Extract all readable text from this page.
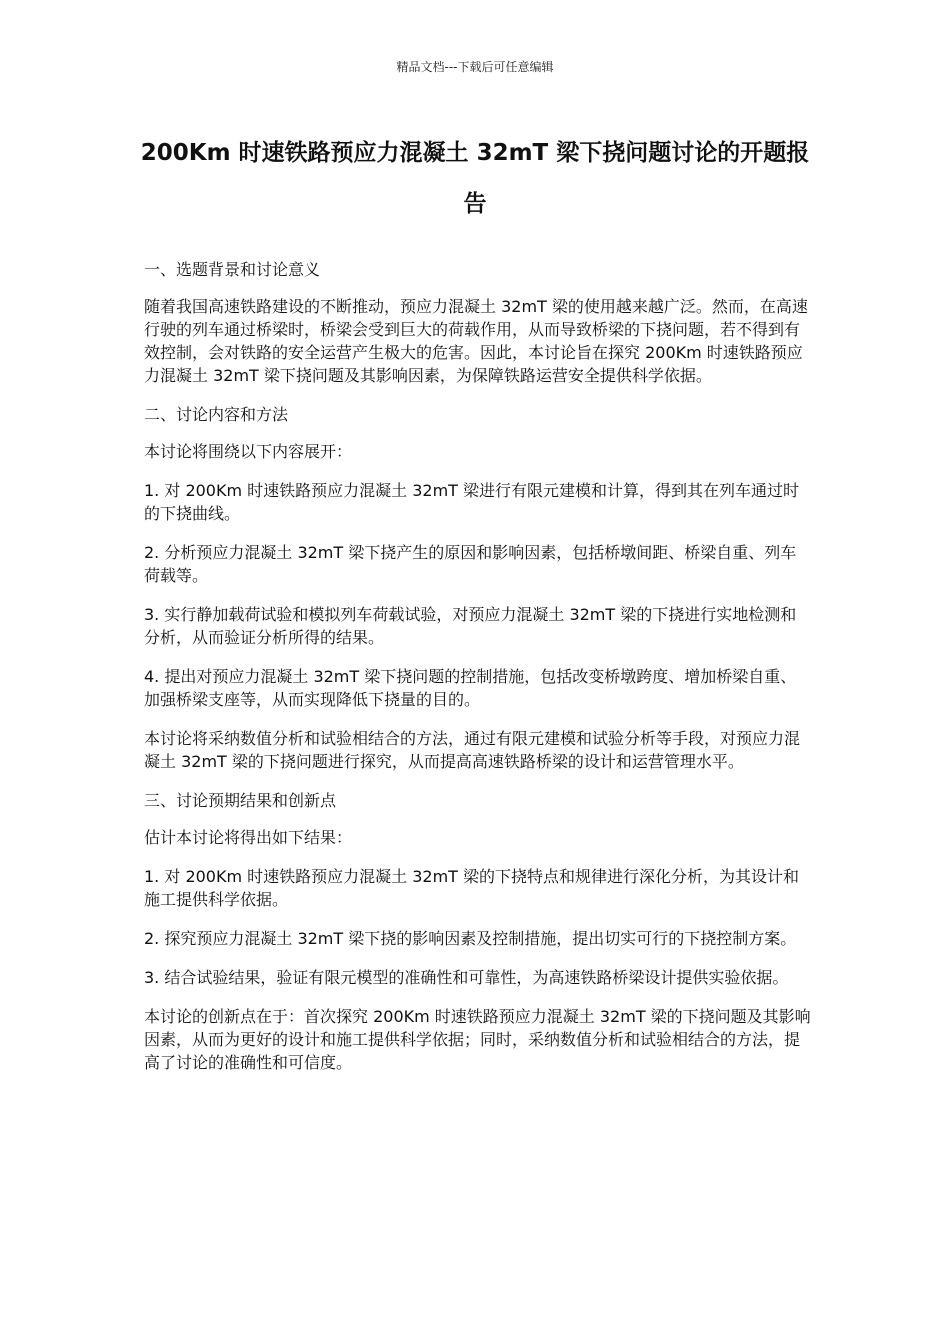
精品文档---下载后可任意编辑
200Km 时速铁路预应力混凝土 32mT 梁下挠问题讨论的开题报告

一、选题背景和讨论意义

随着我国高速铁路建设的不断推动，预应力混凝土 32mT 梁的使用越来越广泛。然而，在高速行驶的列车通过桥梁时，桥梁会受到巨大的荷载作用，从而导致桥梁的下挠问题，若不得到有效控制，会对铁路的安全运营产生极大的危害。因此，本讨论旨在探究 200Km 时速铁路预应力混凝土 32mT 梁下挠问题及其影响因素，为保障铁路运营安全提供科学依据。

二、讨论内容和方法

本讨论将围绕以下内容展开：

1. 对 200Km 时速铁路预应力混凝土 32mT 梁进行有限元建模和计算，得到其在列车通过时的下挠曲线。

2. 分析预应力混凝土 32mT 梁下挠产生的原因和影响因素，包括桥墩间距、桥梁自重、列车荷载等。

3. 实行静加载荷试验和模拟列车荷载试验，对预应力混凝土 32mT 梁的下挠进行实地检测和分析，从而验证分析所得的结果。

4. 提出对预应力混凝土 32mT 梁下挠问题的控制措施，包括改变桥墩跨度、增加桥梁自重、加强桥梁支座等，从而实现降低下挠量的目的。

本讨论将采纳数值分析和试验相结合的方法，通过有限元建模和试验分析等手段，对预应力混凝土 32mT 梁的下挠问题进行探究，从而提高高速铁路桥梁的设计和运营管理水平。

三、讨论预期结果和创新点

估计本讨论将得出如下结果：

1. 对 200Km 时速铁路预应力混凝土 32mT 梁的下挠特点和规律进行深化分析，为其设计和施工提供科学依据。

2. 探究预应力混凝土 32mT 梁下挠的影响因素及控制措施，提出切实可行的下挠控制方案。

3. 结合试验结果，验证有限元模型的准确性和可靠性，为高速铁路桥梁设计提供实验依据。

本讨论的创新点在于：首次探究 200Km 时速铁路预应力混凝土 32mT 梁的下挠问题及其影响因素，从而为更好的设计和施工提供科学依据；同时，采纳数值分析和试验相结合的方法，提高了讨论的准确性和可信度。
